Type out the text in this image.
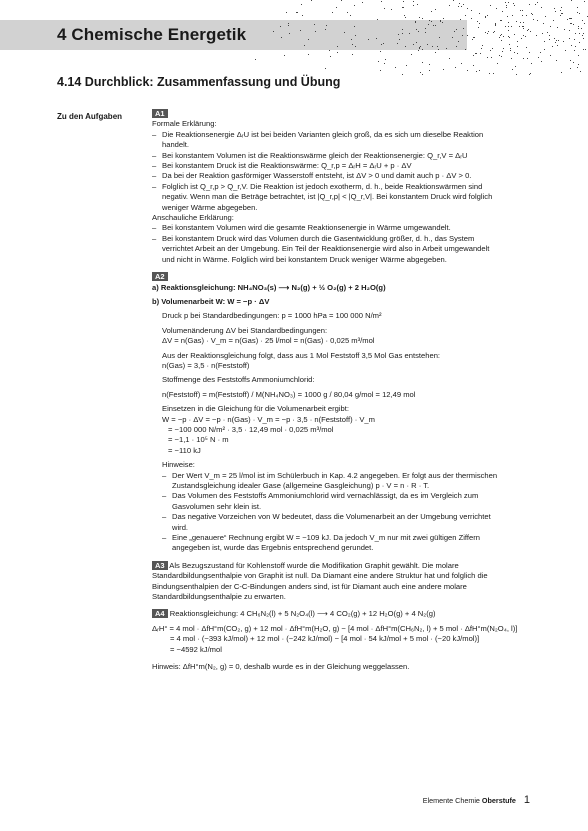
4 Chemische Energetik
4.14 Durchblick: Zusammenfassung und Übung
Zu den Aufgaben	A1
Formale Erklärung:
– Die Reaktionsenergie ΔᵣU ist bei beiden Varianten gleich groß, da es sich um dieselbe Reaktion
handelt.
– Bei konstantem Volumen ist die Reaktionswärme gleich der Reaktionsenergie: Q_r,V = ΔᵣU
– Bei konstantem Druck ist die Reaktionswärme: Q_r,p = ΔᵣH = ΔᵣU + p · ΔV
– Da bei der Reaktion gasförmiger Wasserstoff entsteht, ist ΔV > 0 und damit auch p · ΔV > 0.
– Folglich ist Q_r,p > Q_r,V. Die Reaktion ist jedoch exotherm, d. h., beide Reaktionswärmen sind
negativ. Wenn man die Beträge betrachtet, ist |Q_r,p| < |Q_r,V|. Bei konstantem Druck wird folglich
weniger Wärme abgegeben.
Anschauliche Erklärung:
– Bei konstantem Volumen wird die gesamte Reaktionsenergie in Wärme umgewandelt.
– Bei konstantem Druck wird das Volumen durch die Gasentwicklung größer, d. h., das System
verrichtet Arbeit an der Umgebung. Ein Teil der Reaktionsenergie wird also in Arbeit umgewandelt
und nicht in Wärme. Folglich wird bei konstantem Druck weniger Wärme abgegeben.
A2
a) Reaktionsgleichung: NH₄NO₃(s) ⟶ N₂(g) + ½ O₂(g) + 2 H₂O(g)
b) Volumenarbeit W: W = −p · ΔV
Druck p bei Standardbedingungen: p = 1000 hPa = 100 000 N/m²
Volumenänderung ΔV bei Standardbedingungen:
ΔV = n(Gas) · V_m = n(Gas) · 25 l/mol = n(Gas) · 0,025 m³/mol
Aus der Reaktionsgleichung folgt, dass aus 1 Mol Feststoff 3,5 Mol Gas entstehen:
n(Gas) = 3,5 · n(Feststoff)
Stoffmenge des Feststoffs Ammoniumchlorid:
n(Feststoff) = m(Feststoff) / M(NH₄NO₃) = 1000 g / 80,04 g/mol = 12,49 mol
Einsetzen in die Gleichung für die Volumenarbeit ergibt:
W = −p · ΔV = −p · n(Gas) · V_m = −p · 3,5 · n(Feststoff) · V_m
= −100 000 N/m² · 3,5 · 12,49 mol · 0,025 m³/mol
= −1,1 · 10⁵ N · m
= −110 kJ
Hinweise:
– Der Wert V_m = 25 l/mol ist im Schülerbuch in Kap. 4.2 angegeben. Er folgt aus der thermischen
Zustandsgleichung idealer Gase (allgemeine Gasgleichung) p · V = n · R · T.
– Das Volumen des Feststoffs Ammoniumchlorid wird vernachlässigt, da es im Vergleich zum
Gasvolumen sehr klein ist.
– Das negative Vorzeichen von W bedeutet, dass die Volumenarbeit an der Umgebung verrichtet
wird.
– Eine „genauere“ Rechnung ergibt W = −109 kJ. Da jedoch V_m nur mit zwei gültigen Ziffern
angegeben ist, wurde das Ergebnis entsprechend gerundet.
A3 Als Bezugszustand für Kohlenstoff wurde die Modifikation Graphit gewählt. Die molare
Standardbildungsenthalpie von Graphit ist null. Da Diamant eine andere Struktur hat und folglich die
Bindungsenthalpien der C-C-Bindungen anders sind, ist für Diamant auch eine andere molare
Standardbildungsenthalpie zu erwarten.
A4 Reaktionsgleichung: 4 CH₆N₂(l) + 5 N₂O₄(l) ⟶ 4 CO₂(g) + 12 H₂O(g) + 4 N₂(g)
ΔᵣH° = 4 mol · ΔfH°m(CO₂, g) + 12 mol · ΔfH°m(H₂O, g) − [4 mol · ΔfH°m(CH₆N₂, l) + 5 mol · ΔfH°m(N₂O₄, l)]
= 4 mol · (−393 kJ/mol) + 12 mol · (−242 kJ/mol) − [4 mol · 54 kJ/mol + 5 mol · (−20 kJ/mol)]
= −4592 kJ/mol
Hinweis: ΔfH°m(N₂, g) = 0, deshalb wurde es in der Gleichung weggelassen.
Elemente Chemie Oberstufe 1
